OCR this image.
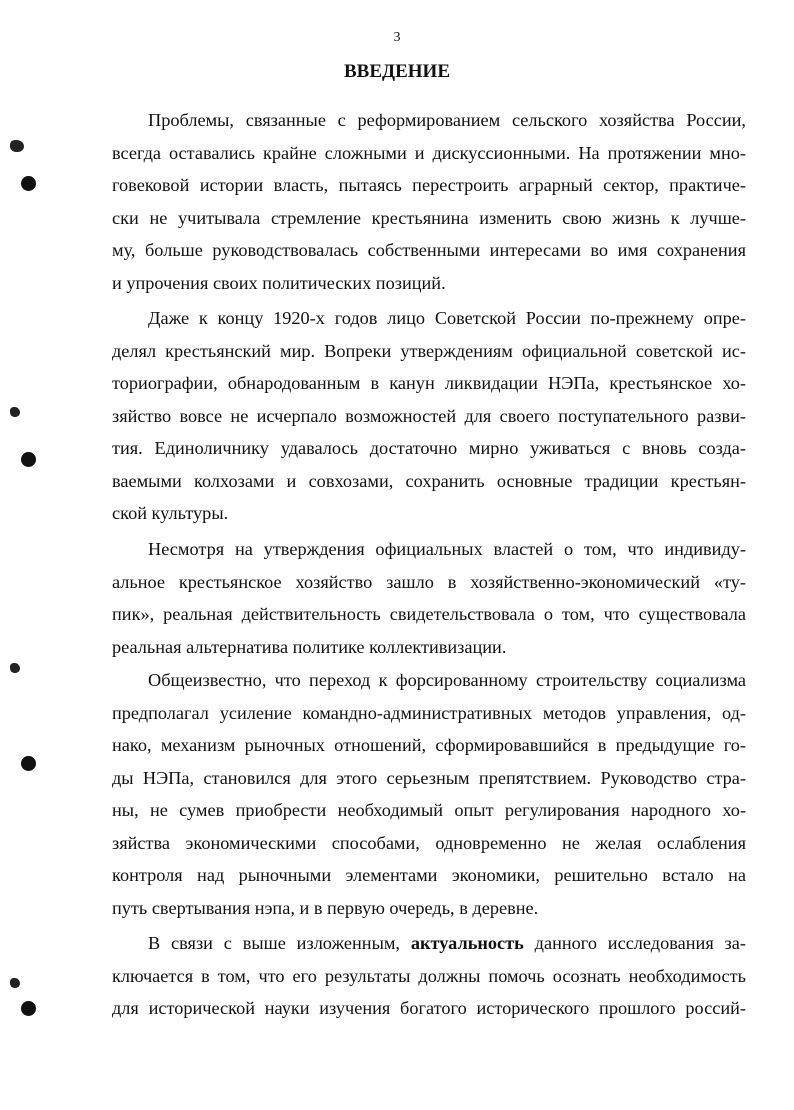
3
ВВЕДЕНИЕ
Проблемы, связанные с реформированием сельского хозяйства России,
всегда оставались крайне сложными и дискуссионными. На протяжении мно-
говековой истории власть, пытаясь перестроить аграрный сектор, практиче-
ски не учитывала стремление крестьянина изменить свою жизнь к лучше-
му, больше руководствовалась собственными интересами во имя сохранения
и упрочения своих политических позиций.
Даже к концу 1920-х годов лицо Советской России по-прежнему опре-
делял крестьянский мир. Вопреки утверждениям официальной советской ис-
ториографии, обнародованным в канун ликвидации НЭПа, крестьянское хо-
зяйство вовсе не исчерпало возможностей для своего поступательного разви-
тия. Единоличнику удавалось достаточно мирно уживаться с вновь созда-
ваемыми колхозами и совхозами, сохранить основные традиции крестьян-
ской культуры.
Несмотря на утверждения официальных властей о том, что индивиду-
альное крестьянское хозяйство зашло в хозяйственно-экономический «ту-
пик», реальная действительность свидетельствовала о том, что существовала
реальная альтернатива политике коллективизации.
Общеизвестно, что переход к форсированному строительству социализма
предполагал усиление командно-административных методов управления, од-
нако, механизм рыночных отношений, сформировавшийся в предыдущие го-
ды НЭПа, становился для этого серьезным препятствием. Руководство стра-
ны, не сумев приобрести необходимый опыт регулирования народного хо-
зяйства экономическими способами, одновременно не желая ослабления
контроля над рыночными элементами экономики, решительно встало на
путь свертывания нэпа, и в первую очередь, в деревне.
В связи с выше изложенным, актуальность данного исследования за-
ключается в том, что его результаты должны помочь осознать необходимость
для исторической науки изучения богатого исторического прошлого россий-
